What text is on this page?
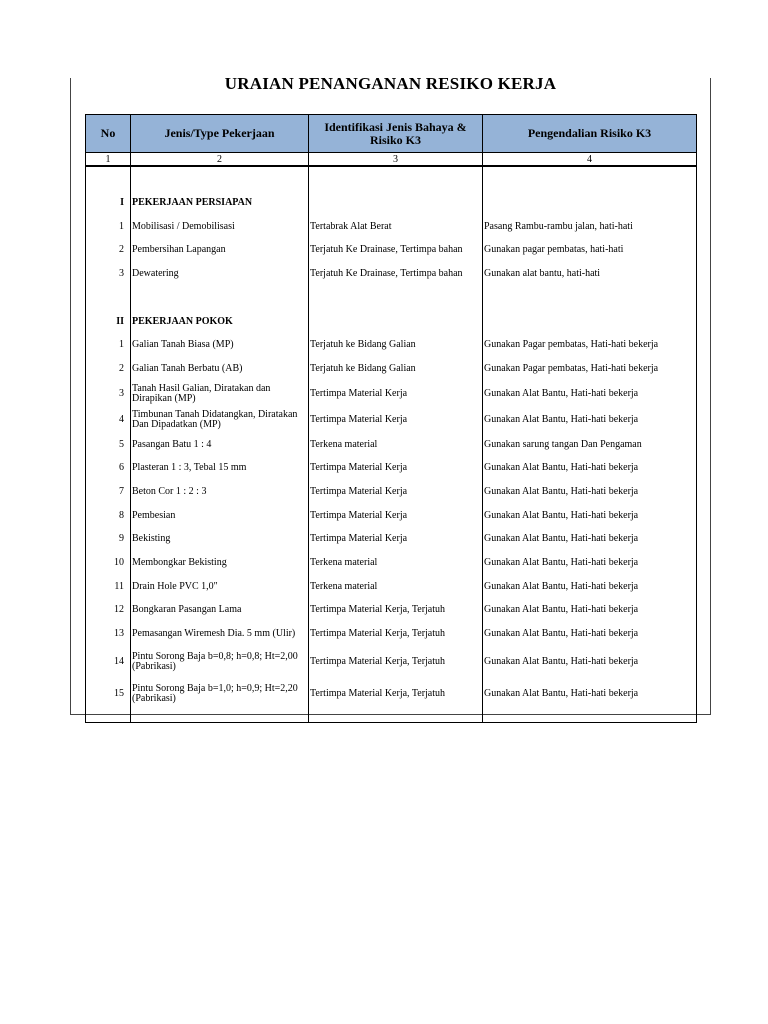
URAIAN PENANGANAN RESIKO KERJA
No	Jenis/Type Pekerjaan	Identifikasi Jenis Bahaya & Risiko K3	Pengendalian Risiko K3
1	2	3	4

I	PEKERJAAN PERSIAPAN		
1	Mobilisasi / Demobilisasi	Tertabrak Alat Berat	Pasang Rambu-rambu jalan, hati-hati
2	Pembersihan Lapangan	Terjatuh Ke Drainase, Tertimpa bahan	Gunakan pagar pembatas, hati-hati
3	Dewatering	Terjatuh Ke Drainase, Tertimpa bahan	Gunakan alat bantu, hati-hati

II	PEKERJAAN POKOK		
1	Galian Tanah Biasa (MP)	Terjatuh ke Bidang Galian	Gunakan Pagar pembatas, Hati-hati bekerja
2	Galian Tanah Berbatu (AB)	Terjatuh ke Bidang Galian	Gunakan Pagar pembatas, Hati-hati bekerja
3	Tanah Hasil Galian, Diratakan dan Dirapikan (MP)	Tertimpa Material Kerja	Gunakan Alat Bantu, Hati-hati bekerja
4	Timbunan Tanah Didatangkan, Diratakan Dan Dipadatkan (MP)	Tertimpa Material Kerja	Gunakan Alat Bantu, Hati-hati bekerja
5	Pasangan Batu 1 : 4	Terkena material	Gunakan sarung tangan Dan Pengaman
6	Plasteran 1 : 3, Tebal 15 mm	Tertimpa Material Kerja	Gunakan Alat Bantu, Hati-hati bekerja
7	Beton Cor 1 : 2 : 3	Tertimpa Material Kerja	Gunakan Alat Bantu, Hati-hati bekerja
8	Pembesian	Tertimpa Material Kerja	Gunakan Alat Bantu, Hati-hati bekerja
9	Bekisting	Tertimpa Material Kerja	Gunakan Alat Bantu, Hati-hati bekerja
10	Membongkar Bekisting	Terkena material	Gunakan Alat Bantu, Hati-hati bekerja
11	Drain Hole PVC 1,0"	Terkena material	Gunakan Alat Bantu, Hati-hati bekerja
12	Bongkaran Pasangan Lama	Tertimpa Material Kerja, Terjatuh	Gunakan Alat Bantu, Hati-hati bekerja
13	Pemasangan Wiremesh Dia. 5 mm (Ulir)	Tertimpa Material Kerja, Terjatuh	Gunakan Alat Bantu, Hati-hati bekerja
14	Pintu Sorong Baja b=0,8; h=0,8; Ht=2,00 (Pabrikasi)	Tertimpa Material Kerja, Terjatuh	Gunakan Alat Bantu, Hati-hati bekerja
15	Pintu Sorong Baja b=1,0; h=0,9; Ht=2,20 (Pabrikasi)	Tertimpa Material Kerja, Terjatuh	Gunakan Alat Bantu, Hati-hati bekerja
